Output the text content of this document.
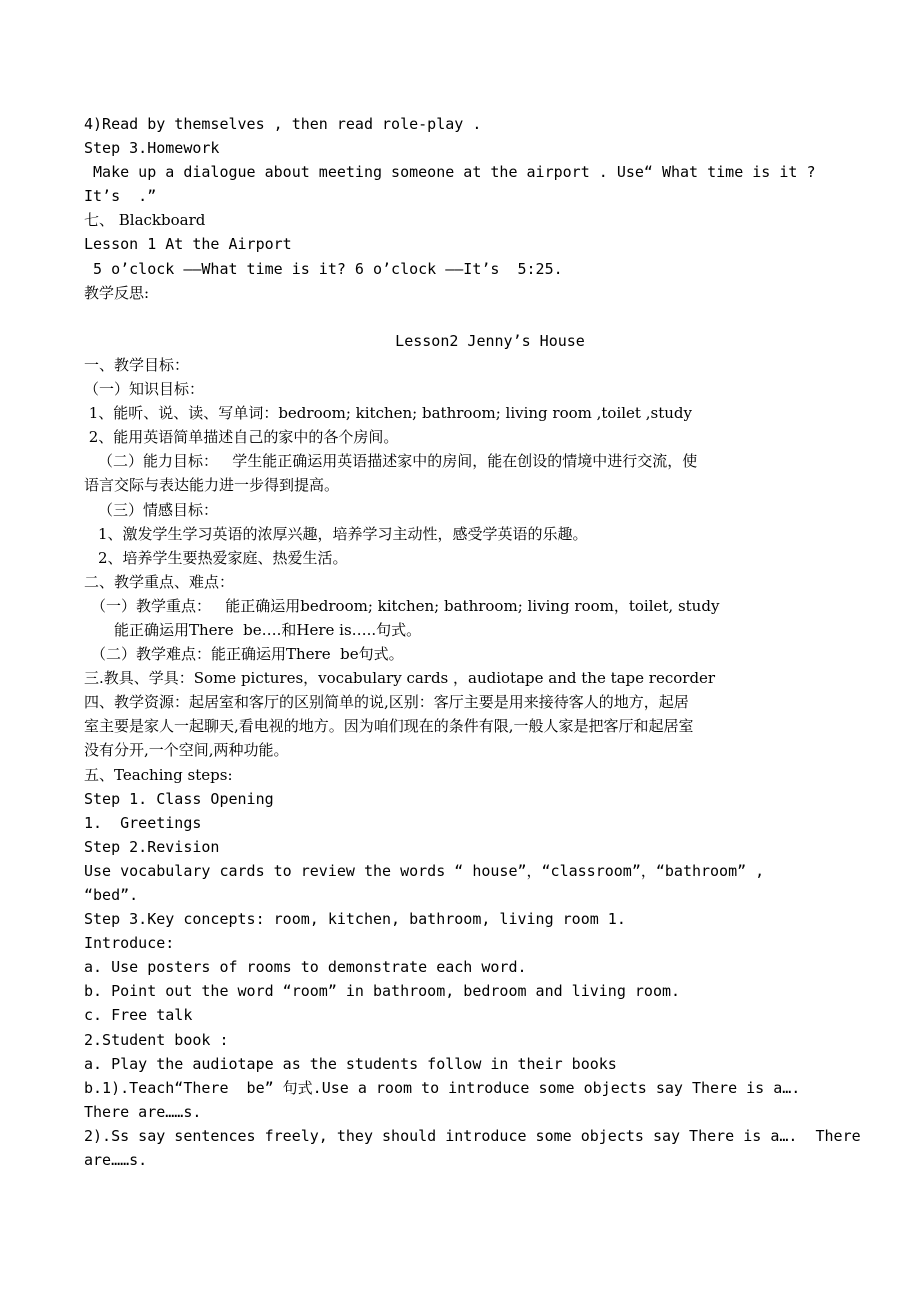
4)Read by themselves , then read role-play .
Step 3.Homework
Make up a dialogue about meeting someone at the airport . Use“ What time is it ?
It’s  .”
七、 Blackboard
Lesson 1 At the Airport
5 o’clock ——What time is it? 6 o’clock ——It’s  5:25.
教学反思:
Lesson2 Jenny’s House
一、教学目标：
（一）知识目标：
1、能听、说、读、写单词：bedroom; kitchen; bathroom; living room ,toilet ,study
2、能用英语简单描述自己的家中的各个房间。
（二）能力目标：   学生能正确运用英语描述家中的房间，能在创设的情境中进行交流，使
语言交际与表达能力进一步得到提高。
（三）情感目标：
1、激发学生学习英语的浓厚兴趣，培养学习主动性，感受学英语的乐趣。
2、培养学生要热爱家庭、热爱生活。
二、教学重点、难点：
（一）教学重点：   能正确运用bedroom; kitchen; bathroom; living room，toilet, study
能正确运用There  be….和Here is…..句式。
（二）教学难点：能正确运用There  be句式。
三.教具、学具：Some pictures，vocabulary cards ，audiotape and the tape recorder
四、教学资源：起居室和客厅的区别简单的说,区别：客厅主要是用来接待客人的地方，起居
室主要是家人一起聊天,看电视的地方。因为咱们现在的条件有限,一般人家是把客厅和起居室
没有分开,一个空间,两种功能。
五、Teaching steps:
Step 1. Class Opening
1.  Greetings
Step 2.Revision
Use vocabulary cards to review the words “ house”，“classroom”，“bathroom” ,
“bed”.
Step 3.Key concepts: room, kitchen, bathroom, living room 1.
Introduce:
a. Use posters of rooms to demonstrate each word.
b. Point out the word “room” in bathroom, bedroom and living room.
c. Free talk
2.Student book :
a. Play the audiotape as the students follow in their books
b.1).Teach“There  be” 句式.Use a room to introduce some objects say There is a….
There are……s.
2).Ss say sentences freely, they should introduce some objects say There is a….  There
are……s.
